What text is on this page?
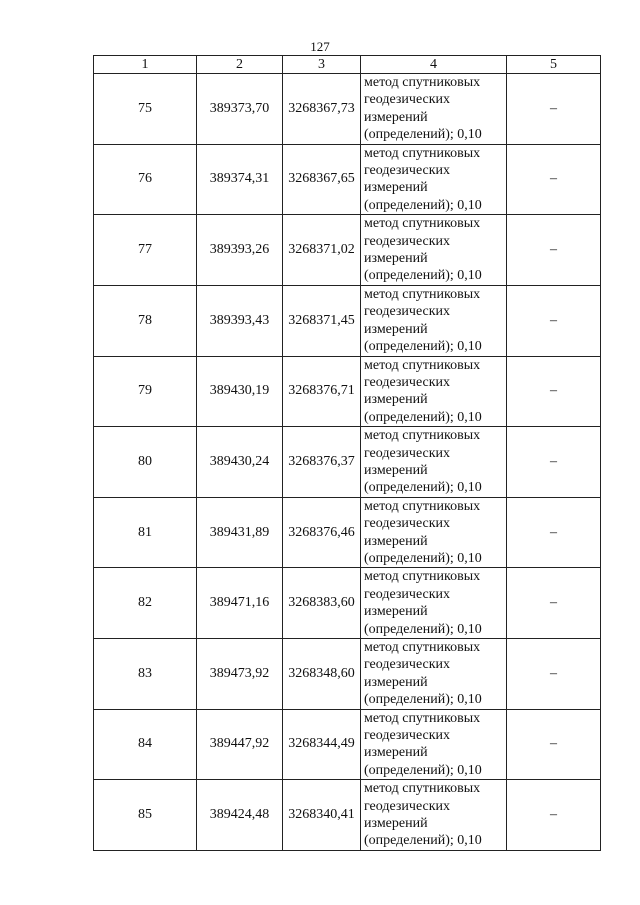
127
1	2	3	4	5
75	389373,70	3268367,73	метод спутниковых
геодезических
измерений
(определений); 0,10	–
76	389374,31	3268367,65	метод спутниковых
геодезических
измерений
(определений); 0,10	–
77	389393,26	3268371,02	метод спутниковых
геодезических
измерений
(определений); 0,10	–
78	389393,43	3268371,45	метод спутниковых
геодезических
измерений
(определений); 0,10	–
79	389430,19	3268376,71	метод спутниковых
геодезических
измерений
(определений); 0,10	–
80	389430,24	3268376,37	метод спутниковых
геодезических
измерений
(определений); 0,10	–
81	389431,89	3268376,46	метод спутниковых
геодезических
измерений
(определений); 0,10	–
82	389471,16	3268383,60	метод спутниковых
геодезических
измерений
(определений); 0,10	–
83	389473,92	3268348,60	метод спутниковых
геодезических
измерений
(определений); 0,10	–
84	389447,92	3268344,49	метод спутниковых
геодезических
измерений
(определений); 0,10	–
85	389424,48	3268340,41	метод спутниковых
геодезических
измерений
(определений); 0,10	–
